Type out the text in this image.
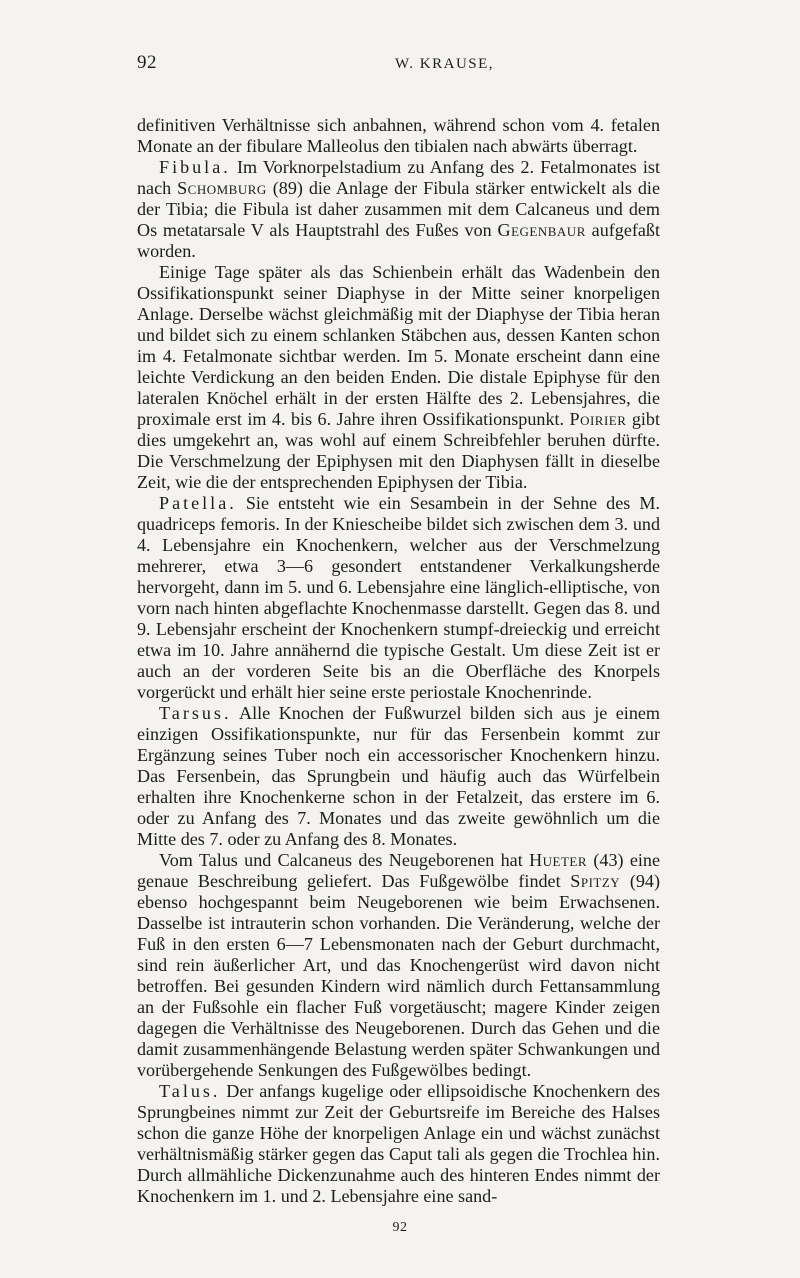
92	W. KRAUSE,

definitiven Verhältnisse sich anbahnen, während schon vom 4. fetalen Monate an der fibulare Malleolus den tibialen nach abwärts überragt.

Fibula. Im Vorknorpelstadium zu Anfang des 2. Fetalmonates ist nach Schomburg (89) die Anlage der Fibula stärker entwickelt als die der Tibia; die Fibula ist daher zusammen mit dem Calcaneus und dem Os metatarsale V als Hauptstrahl des Fußes von Gegenbaur aufgefaßt worden.

Einige Tage später als das Schienbein erhält das Wadenbein den Ossifikationspunkt seiner Diaphyse in der Mitte seiner knorpeligen Anlage. Derselbe wächst gleichmäßig mit der Diaphyse der Tibia heran und bildet sich zu einem schlanken Stäbchen aus, dessen Kanten schon im 4. Fetalmonate sichtbar werden. Im 5. Monate erscheint dann eine leichte Verdickung an den beiden Enden. Die distale Epiphyse für den lateralen Knöchel erhält in der ersten Hälfte des 2. Lebensjahres, die proximale erst im 4. bis 6. Jahre ihren Ossifikationspunkt. Poirier gibt dies umgekehrt an, was wohl auf einem Schreibfehler beruhen dürfte. Die Verschmelzung der Epiphysen mit den Diaphysen fällt in dieselbe Zeit, wie die der entsprechenden Epiphysen der Tibia.

Patella. Sie entsteht wie ein Sesambein in der Sehne des M. quadriceps femoris. In der Kniescheibe bildet sich zwischen dem 3. und 4. Lebensjahre ein Knochenkern, welcher aus der Verschmelzung mehrerer, etwa 3—6 gesondert entstandener Verkalkungsherde hervorgeht, dann im 5. und 6. Lebensjahre eine länglich-elliptische, von vorn nach hinten abgeflachte Knochenmasse darstellt. Gegen das 8. und 9. Lebensjahr erscheint der Knochenkern stumpf-dreieckig und erreicht etwa im 10. Jahre annähernd die typische Gestalt. Um diese Zeit ist er auch an der vorderen Seite bis an die Oberfläche des Knorpels vorgerückt und erhält hier seine erste periostale Knochenrinde.

Tarsus. Alle Knochen der Fußwurzel bilden sich aus je einem einzigen Ossifikationspunkte, nur für das Fersenbein kommt zur Ergänzung seines Tuber noch ein accessorischer Knochenkern hinzu. Das Fersenbein, das Sprungbein und häufig auch das Würfelbein erhalten ihre Knochenkerne schon in der Fetalzeit, das erstere im 6. oder zu Anfang des 7. Monates und das zweite gewöhnlich um die Mitte des 7. oder zu Anfang des 8. Monates.

Vom Talus und Calcaneus des Neugeborenen hat Hueter (43) eine genaue Beschreibung geliefert. Das Fußgewölbe findet Spitzy (94) ebenso hochgespannt beim Neugeborenen wie beim Erwachsenen. Dasselbe ist intrauterin schon vorhanden. Die Veränderung, welche der Fuß in den ersten 6—7 Lebensmonaten nach der Geburt durchmacht, sind rein äußerlicher Art, und das Knochengerüst wird davon nicht betroffen. Bei gesunden Kindern wird nämlich durch Fettansammlung an der Fußsohle ein flacher Fuß vorgetäuscht; magere Kinder zeigen dagegen die Verhältnisse des Neugeborenen. Durch das Gehen und die damit zusammenhängende Belastung werden später Schwankungen und vorübergehende Senkungen des Fußgewölbes bedingt.

Talus. Der anfangs kugelige oder ellipsoidische Knochenkern des Sprungbeines nimmt zur Zeit der Geburtsreife im Bereiche des Halses schon die ganze Höhe der knorpeligen Anlage ein und wächst zunächst verhältnismäßig stärker gegen das Caput tali als gegen die Trochlea hin. Durch allmähliche Dickenzunahme auch des hinteren Endes nimmt der Knochenkern im 1. und 2. Lebensjahre eine sand-

92
